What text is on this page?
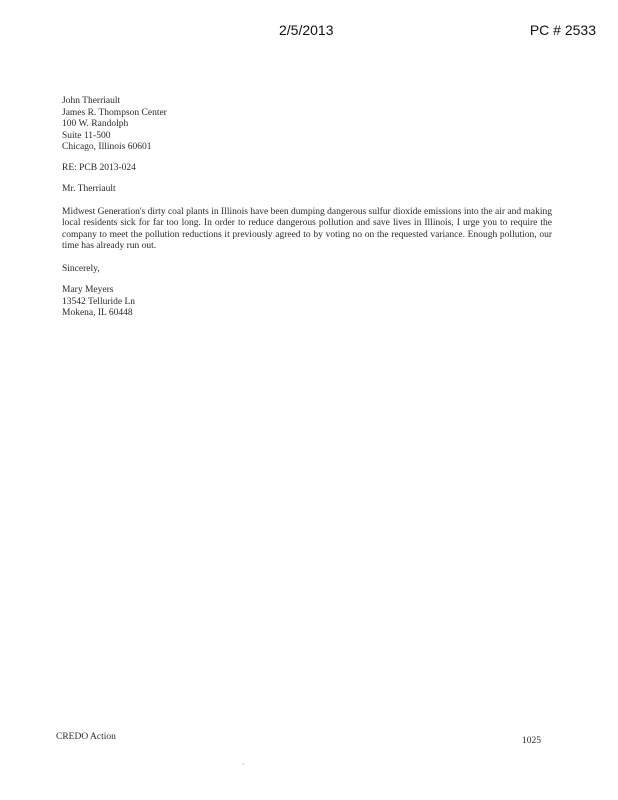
2/5/2013	PC # 2533
John Therriault
James R. Thompson Center
100 W. Randolph
Suite 11-500
Chicago, Illinois 60601
RE: PCB 2013-024
Mr. Therriault
Midwest Generation's dirty coal plants in Illinois have been dumping dangerous sulfur dioxide emissions into the air and making local residents sick for far too long. In order to reduce dangerous pollution and save lives in Illinois, I urge you to require the company to meet the pollution reductions it previously agreed to by voting no on the requested variance. Enough pollution, our time has already run out.
Sincerely,
Mary Meyers
13542 Telluride Ln
Mokena, IL 60448
CREDO Action	1025
·
